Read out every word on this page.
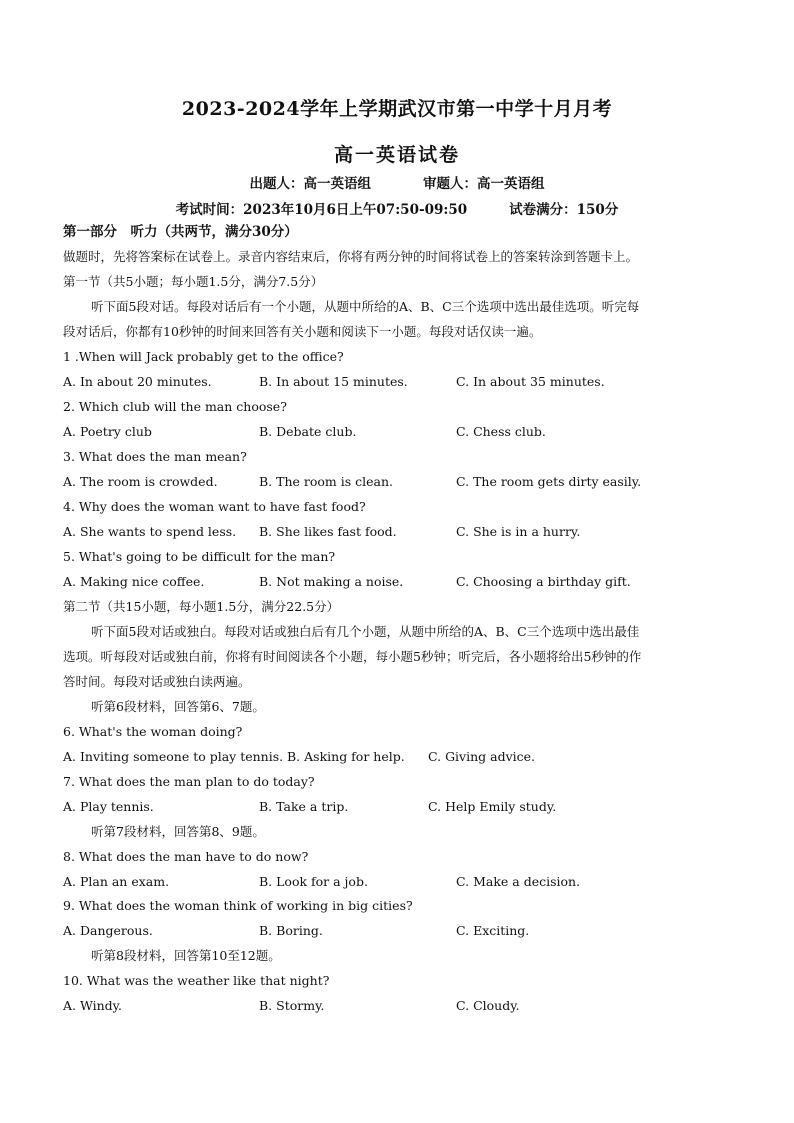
2023-2024学年上学期武汉市第一中学十月月考
高一英语试卷
出题人：高一英语组	审题人：高一英语组
考试时间：2023年10月6日上午07:50-09:50	试卷满分：150分
第一部分　听力（共两节，满分30分）
做题时，先将答案标在试卷上。录音内容结束后，你将有两分钟的时间将试卷上的答案转涂到答题卡上。
第一节（共5小题；每小题1.5分，满分7.5分）
听下面5段对话。每段对话后有一个小题，从题中所给的A、B、C三个选项中选出最佳选项。听完每
段对话后，你都有10秒钟的时间来回答有关小题和阅读下一小题。每段对话仅读一遍。
1 .When will Jack probably get to the office?
A. In about 20 minutes.	B. In about 15 minutes.	C. In about 35 minutes.
2. Which club will the man choose?
A. Poetry club	B. Debate club.	C. Chess club.
3. What does the man mean?
A. The room is crowded.	B. The room is clean.	C. The room gets dirty easily.
4. Why does the woman want to have fast food?
A. She wants to spend less. B. She likes fast food.	C. She is in a hurry.
5. What's going to be difficult for the man?
A. Making nice coffee.	B. Not making a noise.	C. Choosing a birthday gift.
第二节（共15小题，每小题1.5分，满分22.5分）
听下面5段对话或独白。每段对话或独白后有几个小题，从题中所给的A、B、C三个选项中选出最佳
选项。听每段对话或独白前，你将有时间阅读各个小题，每小题5秒钟；听完后，各小题将给出5秒钟的作
答时间。每段对话或独白读两遍。
听第6段材料，回答第6、7题。
6. What's the woman doing?
A. Inviting someone to play tennis. B. Asking for help. C. Giving advice.
7. What does the man plan to do today?
A. Play tennis.	B. Take a trip.	C. Help Emily study.
听第7段材料，回答第8、9题。
8. What does the man have to do now?
A. Plan an exam.	B. Look for a job.	C. Make a decision.
9. What does the woman think of working in big cities?
A. Dangerous.	B. Boring.	C. Exciting.
听第8段材料，回答第10至12题。
10. What was the weather like that night?
A. Windy.	B. Stormy.	C. Cloudy.
